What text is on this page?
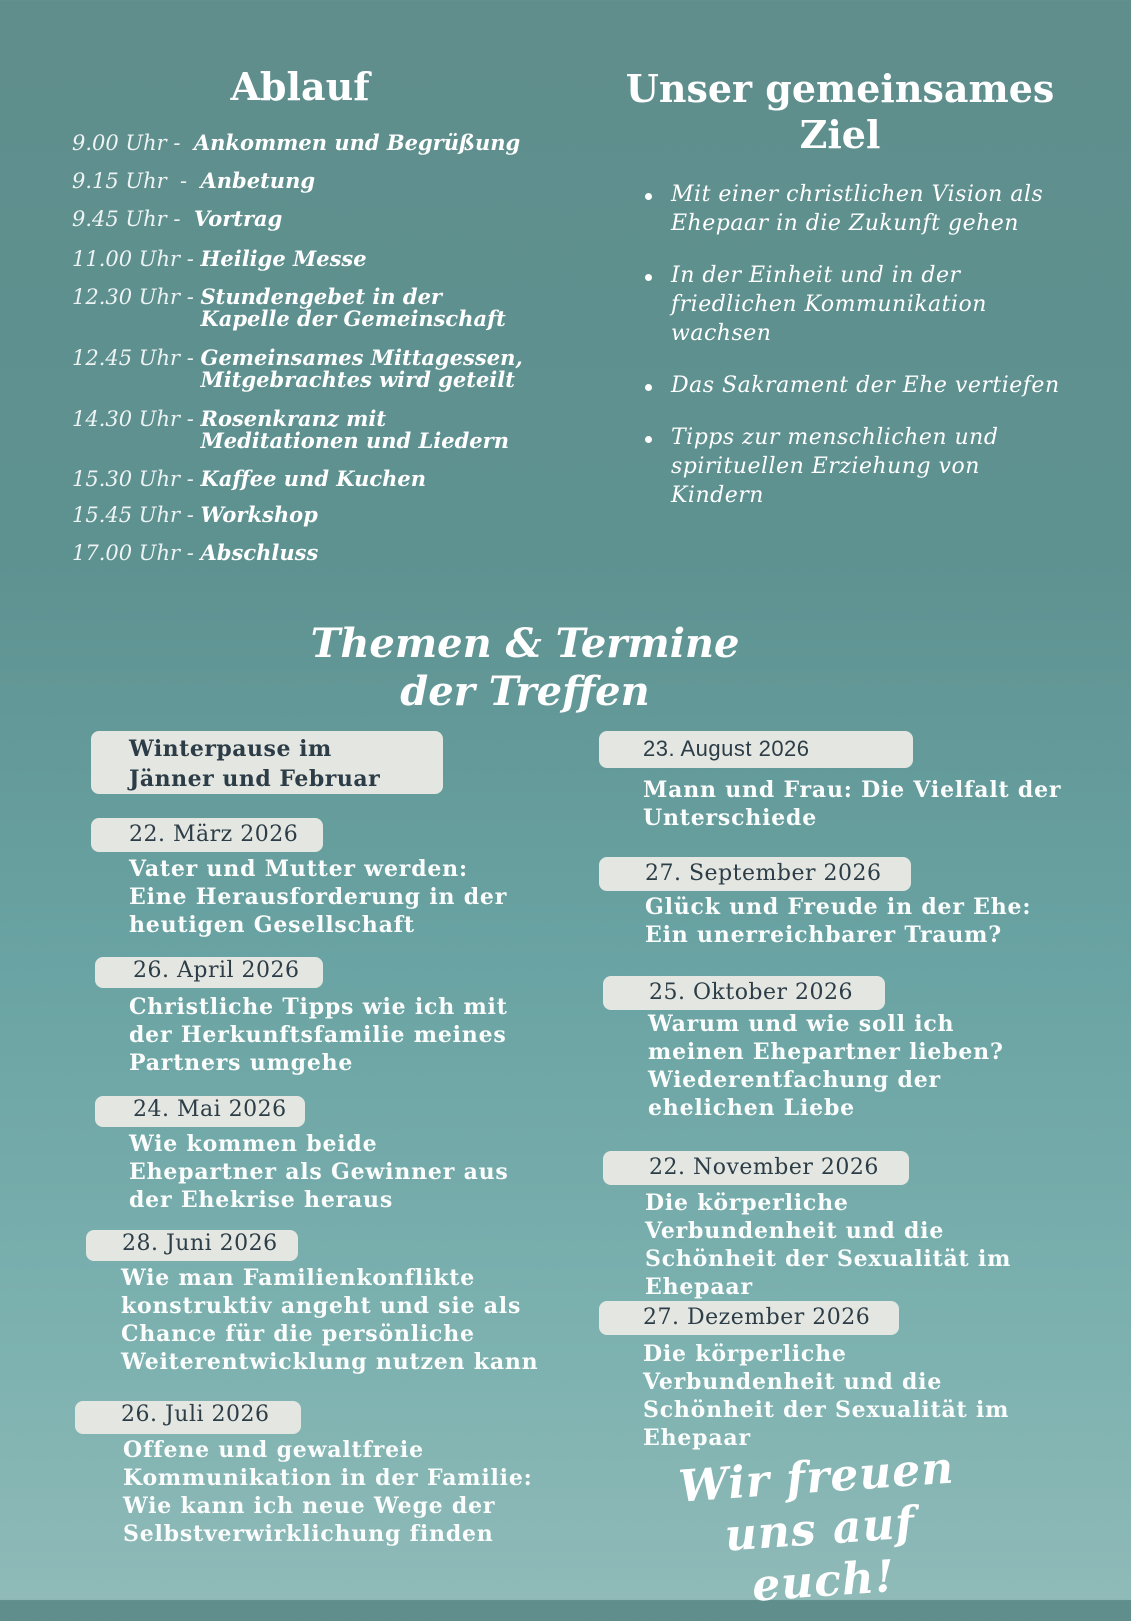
Ablauf	Unser gemeinsames
Ziel
9.00 Uhr - Ankommen und Begrüßung
9.15 Uhr  - Anbetung
9.45 Uhr - Vortrag
11.00 Uhr - Heilige Messe
12.30 Uhr - Stundengebet in der
Kapelle der Gemeinschaft
12.45 Uhr - Gemeinsames Mittagessen,
Mitgebrachtes wird geteilt
14.30 Uhr - Rosenkranz mit
Meditationen und Liedern
15.30 Uhr - Kaffee und Kuchen
15.45 Uhr - Workshop
17.00 Uhr - Abschluss
Mit einer christlichen Vision als Ehepaar in die Zukunft gehen
In der Einheit und in der friedlichen Kommunikation wachsen
Das Sakrament der Ehe vertiefen
Tipps zur menschlichen und spirituellen Erziehung von Kindern
Themen & Termine
der Treffen
Winterpause im
Jänner und Februar
22. März 2026
Vater und Mutter werden: Eine Herausforderung in der heutigen Gesellschaft
26. April 2026
Christliche Tipps wie ich mit der Herkunftsfamilie meines Partners umgehe
24. Mai 2026
Wie kommen beide Ehepartner als Gewinner aus der Ehekrise heraus
28. Juni 2026
Wie man Familienkonflikte konstruktiv angeht und sie als Chance für die persönliche Weiterentwicklung nutzen kann
26. Juli 2026
Offene und gewaltfreie Kommunikation in der Familie: Wie kann ich neue Wege der Selbstverwirklichung finden
23. August 2026
Mann und Frau: Die Vielfalt der Unterschiede
27. September 2026
Glück und Freude in der Ehe: Ein unerreichbarer Traum?
25. Oktober 2026
Warum und wie soll ich meinen Ehepartner lieben? Wiederentfachung der ehelichen Liebe
22. November 2026
Die körperliche Verbundenheit und die Schönheit der Sexualität im Ehepaar
27. Dezember 2026
Die körperliche Verbundenheit und die Schönheit der Sexualität im Ehepaar
Wir freuen uns auf
euch!
